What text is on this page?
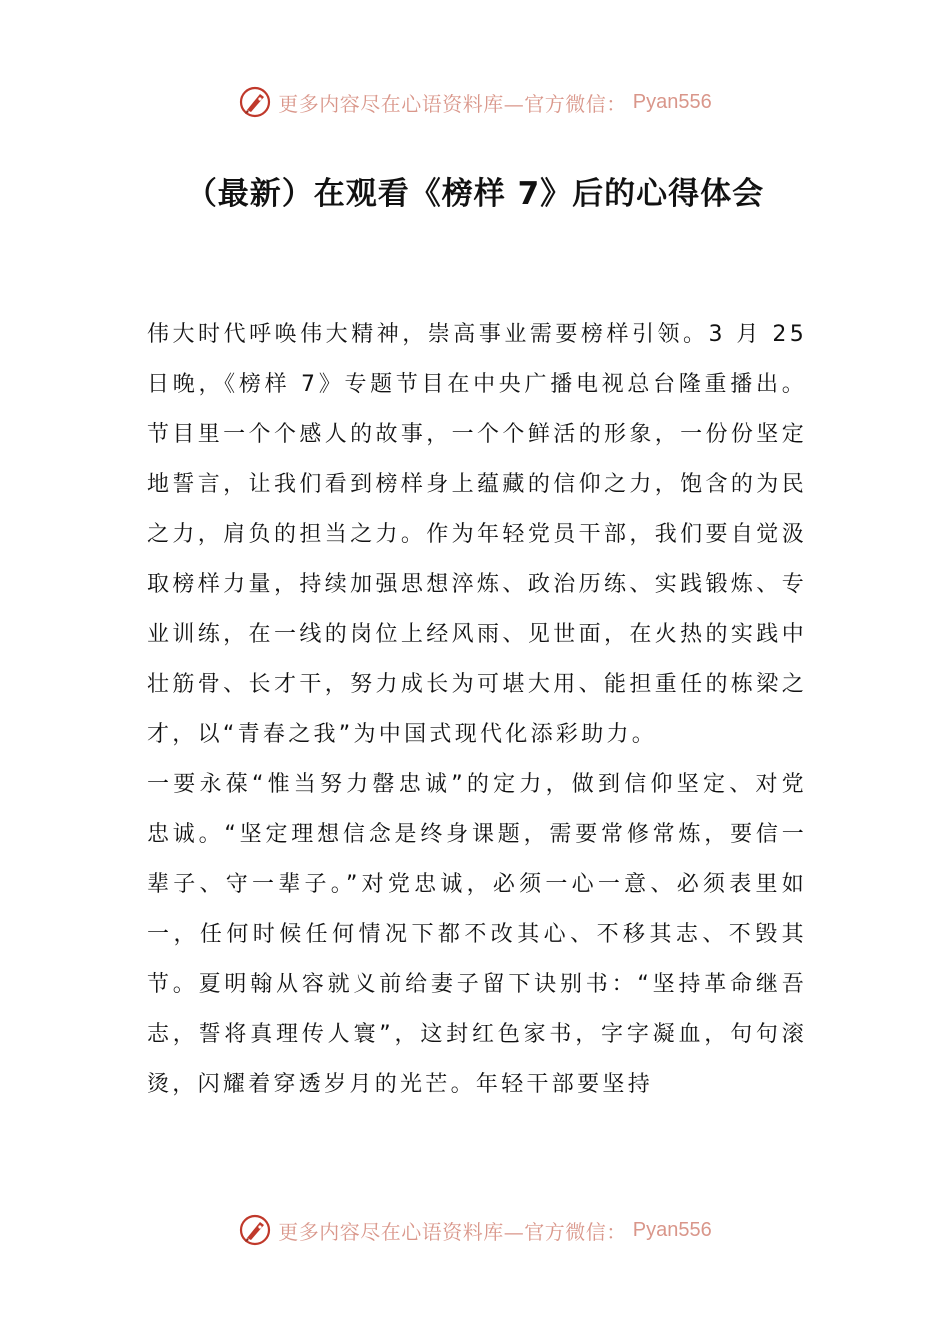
更多内容尽在心语资料库—官方微信： Pyan556
（最新）在观看《榜样 7》后的心得体会

伟大时代呼唤伟大精神，崇高事业需要榜样引领。3 月 25 日晚，《榜样 7》专题节目在中央广播电视总台隆重播出。节目里一个个感人的故事，一个个鲜活的形象，一份份坚定地誓言，让我们看到榜样身上蕴藏的信仰之力，饱含的为民之力，肩负的担当之力。作为年轻党员干部，我们要自觉汲取榜样力量，持续加强思想淬炼、政治历练、实践锻炼、专业训练，在一线的岗位上经风雨、见世面，在火热的实践中壮筋骨、长才干，努力成长为可堪大用、能担重任的栋梁之才，以“青春之我”为中国式现代化添彩助力。

一要永葆“惟当努力罄忠诚”的定力，做到信仰坚定、对党忠诚。“坚定理想信念是终身课题，需要常修常炼，要信一辈子、守一辈子。”对党忠诚，必须一心一意、必须表里如一，任何时候任何情况下都不改其心、不移其志、不毁其节。夏明翰从容就义前给妻子留下诀别书：“坚持革命继吾志，誓将真理传人寰”，这封红色家书，字字凝血，句句滚烫，闪耀着穿透岁月的光芒。年轻干部要坚持

更多内容尽在心语资料库—官方微信： Pyan556
